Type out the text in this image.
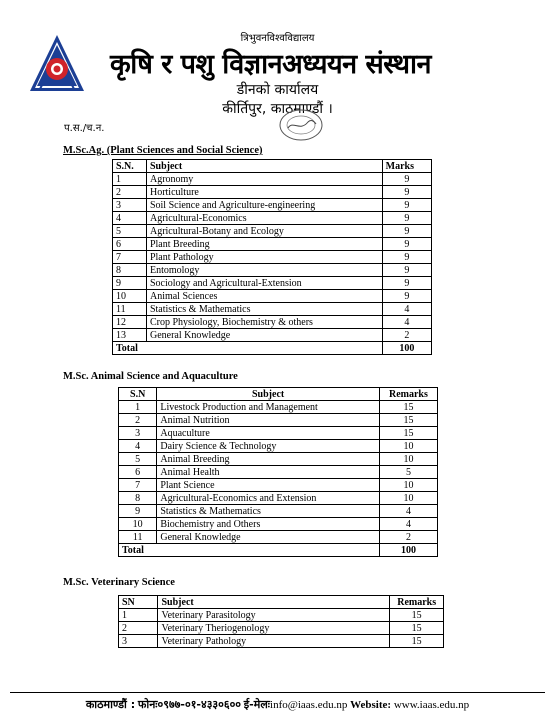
त्रिभुवनविश्वविद्यालय
कृषि र पशु विज्ञानअध्ययन संस्थान
डीनको कार्यालय
कीर्तिपुर, काठमाण्डौं ।
प.स./च.न.
M.Sc.Ag. (Plant Sciences and Social Science)
S.N.	Subject	Marks
1	Agronomy	9
2	Horticulture	9
3	Soil Science and Agriculture-engineering	9
4	Agricultural-Economics	9
5	Agricultural-Botany and Ecology	9
6	Plant Breeding	9
7	Plant Pathology	9
8	Entomology	9
9	Sociology and Agricultural-Extension	9
10	Animal Sciences	9
11	Statistics & Mathematics	4
12	Crop Physiology, Biochemistry & others	4
13	General Knowledge	2
Total		100
M.Sc. Animal Science and Aquaculture
S.N	Subject	Remarks
1	Livestock Production and Management	15
2	Animal Nutrition	15
3	Aquaculture	15
4	Dairy Science & Technology	10
5	Animal Breeding	10
6	Animal Health	5
7	Plant Science	10
8	Agricultural-Economics and Extension	10
9	Statistics & Mathematics	4
10	Biochemistry and Others	4
11	General Knowledge	2
Total		100
M.Sc. Veterinary Science
SN	Subject	Remarks
1	Veterinary Parasitology	15
2	Veterinary Theriogenology	15
3	Veterinary Pathology	15
काठमाण्डौं : फोनः०९७७-०१-४३३०६०० ई-मेलःinfo@iaas.edu.np Website: www.iaas.edu.np
